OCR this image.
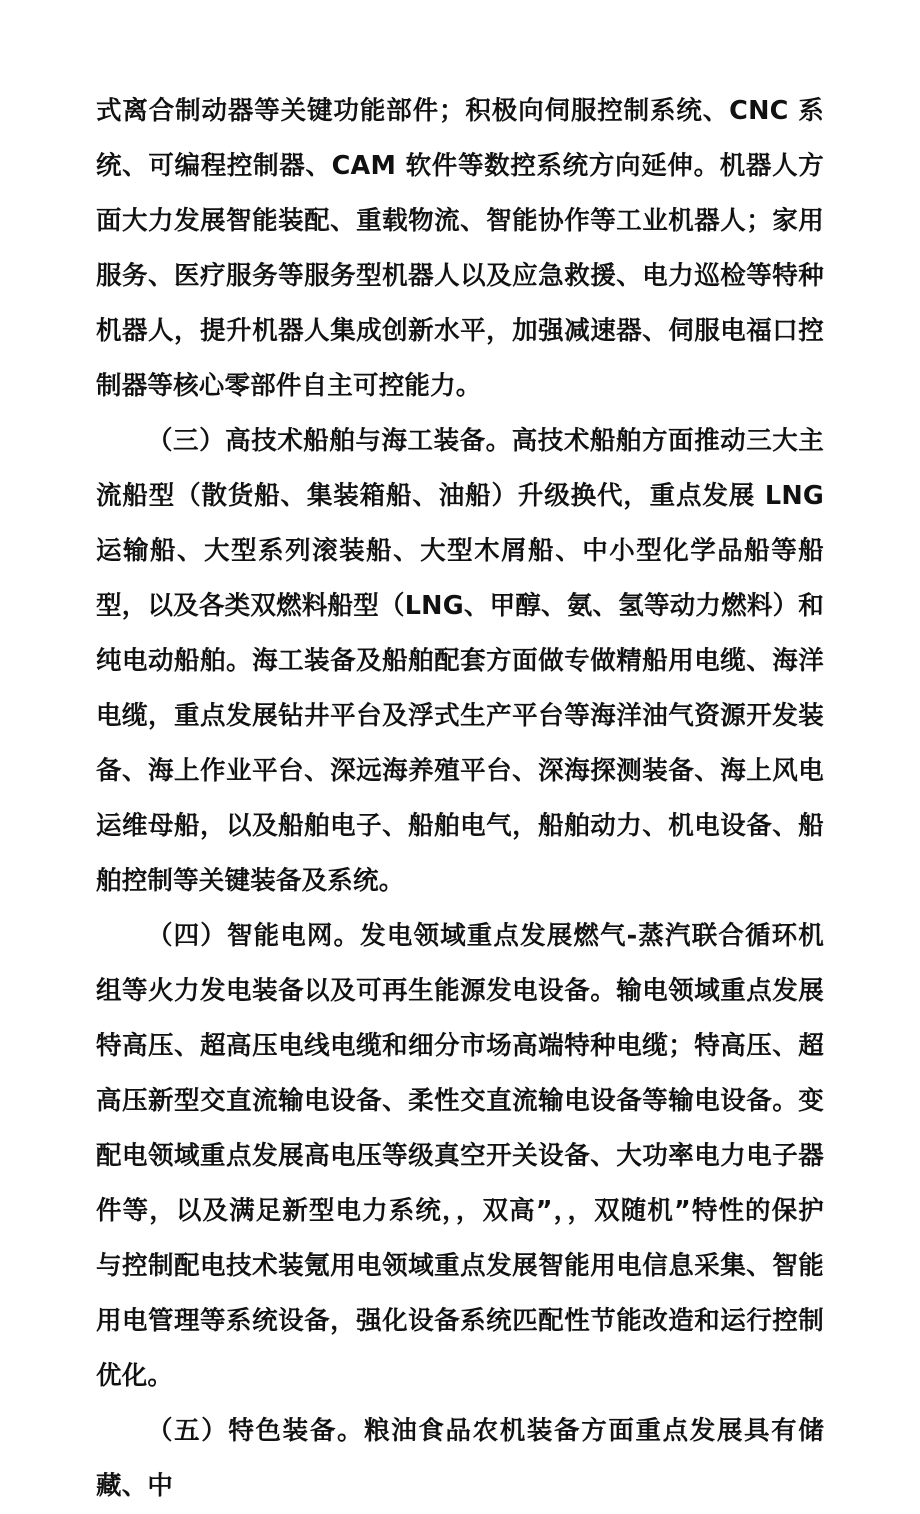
式离合制动器等关键功能部件；积极向伺服控制系统、CNC 系统、可编程控制器、CAM 软件等数控系统方向延伸。机器人方面大力发展智能装配、重载物流、智能协作等工业机器人；家用服务、医疗服务等服务型机器人以及应急救援、电力巡检等特种机器人，提升机器人集成创新水平，加强减速器、伺服电福口控制器等核心零部件自主可控能力。

（三）高技术船舶与海工装备。高技术船舶方面推动三大主流船型（散货船、集装箱船、油船）升级换代，重点发展 LNG 运输船、大型系列滚装船、大型木屑船、中小型化学品船等船型，以及各类双燃料船型（LNG、甲醇、氨、氢等动力燃料）和纯电动船舶。海工装备及船舶配套方面做专做精船用电缆、海洋电缆，重点发展钻井平台及浮式生产平台等海洋油气资源开发装备、海上作业平台、深远海养殖平台、深海探测装备、海上风电运维母船，以及船舶电子、船舶电气，船舶动力、机电设备、船舶控制等关键装备及系统。

（四）智能电网。发电领域重点发展燃气-蒸汽联合循环机组等火力发电装备以及可再生能源发电设备。输电领域重点发展特高压、超高压电线电缆和细分市场高端特种电缆；特高压、超高压新型交直流输电设备、柔性交直流输电设备等输电设备。变配电领域重点发展高电压等级真空开关设备、大功率电力电子器件等，以及满足新型电力系统，，双高”，，双随机”特性的保护与控制配电技术装氪用电领域重点发展智能用电信息采集、智能用电管理等系统设备，强化设备系统匹配性节能改造和运行控制优化。

（五）特色装备。粮油食品农机装备方面重点发展具有储藏、中
